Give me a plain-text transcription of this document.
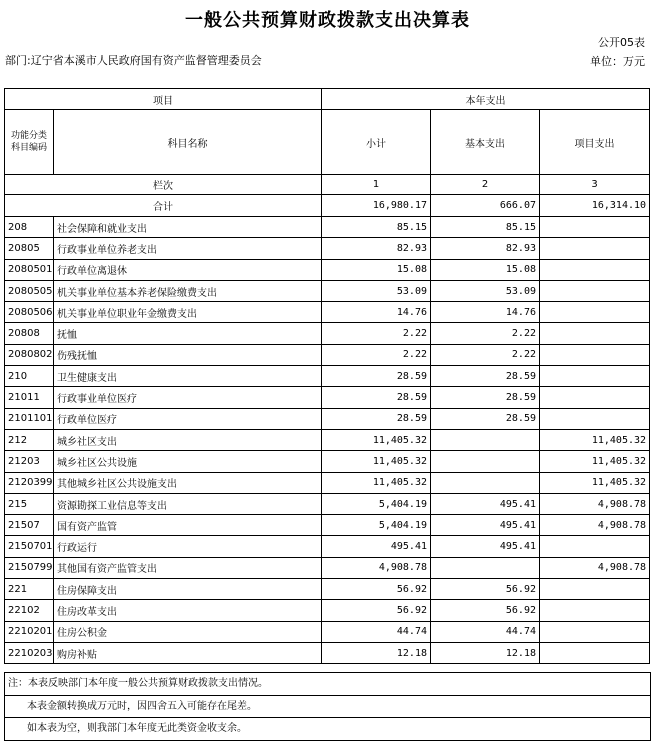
一般公共预算财政拨款支出决算表
公开05表
部门:辽宁省本溪市人民政府国有资产监督管理委员会	单位：万元
项目		本年支出		
功能分类科目编码	科目名称	小计	基本支出	项目支出
栏次		1	2	3
合计		16,980.17	666.07	16,314.10
208	社会保障和就业支出	85.15	85.15	
20805	行政事业单位养老支出	82.93	82.93	
2080501	行政单位离退休	15.08	15.08	
2080505	机关事业单位基本养老保险缴费支出	53.09	53.09	
2080506	机关事业单位职业年金缴费支出	14.76	14.76	
20808	抚恤	2.22	2.22	
2080802	伤残抚恤	2.22	2.22	
210	卫生健康支出	28.59	28.59	
21011	行政事业单位医疗	28.59	28.59	
2101101	行政单位医疗	28.59	28.59	
212	城乡社区支出	11,405.32		11,405.32
21203	城乡社区公共设施	11,405.32		11,405.32
2120399	其他城乡社区公共设施支出	11,405.32		11,405.32
215	资源勘探工业信息等支出	5,404.19	495.41	4,908.78
21507	国有资产监管	5,404.19	495.41	4,908.78
2150701	行政运行	495.41	495.41	
2150799	其他国有资产监管支出	4,908.78		4,908.78
221	住房保障支出	56.92	56.92	
22102	住房改革支出	56.92	56.92	
2210201	住房公积金	44.74	44.74	
2210203	购房补贴	12.18	12.18	
注：本表反映部门本年度一般公共预算财政拨款支出情况。
本表金额转换成万元时，因四舍五入可能存在尾差。
如本表为空，则我部门本年度无此类资金收支余。
